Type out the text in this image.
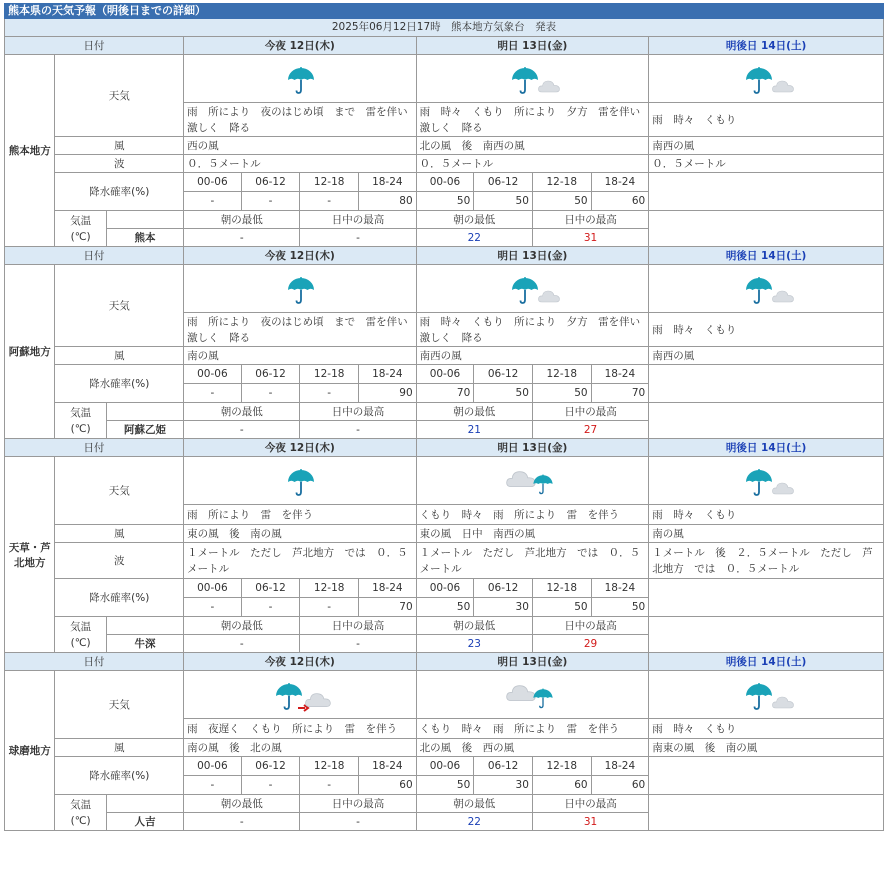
熊本県の天気予報（明後日までの詳細）
2025年06月12日17時　熊本地方気象台　発表
日付			今夜 12日(木)				明日 13日(金)				明後日 14日(土)
熊本地方	天気	

			雨　所により　夜のはじめ頃　まで　雷を伴い　激しく　降る				雨　時々　くもり　所により　夕方　雷を伴い　激しく　降る				雨　時々　くもり
	風		西の風				北の風　後　南西の風				南西の風
	波		０．５メートル				０．５メートル				０．５メートル
	降水確率(%)		00-06	06-12	12-18	18-24	00-06	06-12	12-18	18-24	
			-	-	-	80	50	50	50	60	
	気温
(℃)		朝の最低		日中の最高		朝の最低		日中の最高		
		熊本	-		-		22		31		
日付			今夜 12日(木)				明日 13日(金)				明後日 14日(土)
阿蘇地方	天気	

			雨　所により　夜のはじめ頃　まで　雷を伴い　激しく　降る				雨　時々　くもり　所により　夕方　雷を伴い　激しく　降る				雨　時々　くもり
	風		南の風				南西の風				南西の風
	降水確率(%)		00-06	06-12	12-18	18-24	00-06	06-12	12-18	18-24	
			-	-	-	90	70	50	50	70	
	気温
(℃)		朝の最低		日中の最高		朝の最低		日中の最高		
		阿蘇乙姫	-		-		21		27		
日付			今夜 12日(木)				明日 13日(金)				明後日 14日(土)
天草・芦北地方	天気	

			雨　所により　雷　を伴う				くもり　時々　雨　所により　雷　を伴う				雨　時々　くもり
	風		東の風　後　南の風				東の風　日中　南西の風				南の風
	波		１メートル　ただし　芦北地方　では　０．５メートル				１メートル　ただし　芦北地方　では　０．５メートル				１メートル　後　２．５メートル　ただし　芦北地方　では　０．５メートル
	降水確率(%)		00-06	06-12	12-18	18-24	00-06	06-12	12-18	18-24	
			-	-	-	70	50	30	50	50	
	気温
(℃)		朝の最低		日中の最高		朝の最低		日中の最高		
		牛深	-		-		23		29		
日付			今夜 12日(木)				明日 13日(金)				明後日 14日(土)
球磨地方	天気	

			雨　夜遅く　くもり　所により　雷　を伴う				くもり　時々　雨　所により　雷　を伴う				雨　時々　くもり
	風		南の風　後　北の風				北の風　後　西の風				南東の風　後　南の風
	降水確率(%)		00-06	06-12	12-18	18-24	00-06	06-12	12-18	18-24	
			-	-	-	60	50	30	60	60	
	気温
(℃)		朝の最低		日中の最高		朝の最低		日中の最高		
		人吉	-		-		22		31		
